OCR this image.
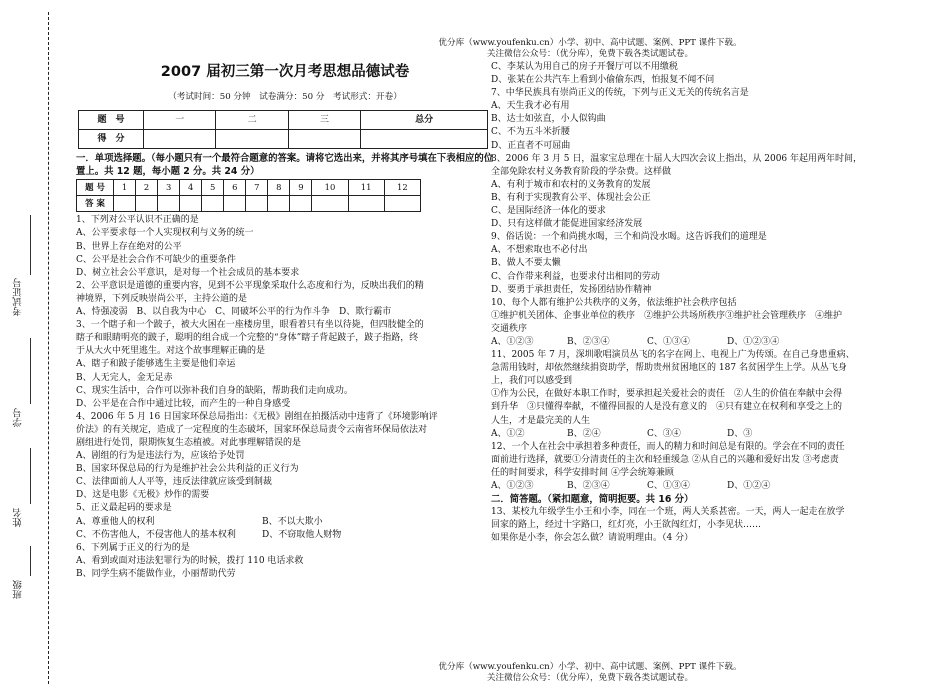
优分库（www.youfenku.cn）小学、初中、高中试题、案例、PPT 课件下载。
关注微信公众号：（优分库），免费下载各类试题试卷。
优分库（www.youfenku.cn）小学、初中、高中试题、案例、PPT 课件下载。
关注微信公众号：（优分库），免费下载各类试题试卷。
考试证号
学号
姓名
班级
2007 届初三第一次月考思想品德试卷
（考试时间：50 分钟　试卷满分：50 分　考试形式：开卷）
题　号	一	二	三	总分
得　分				
一．单项选择题。（每小题只有一个最符合题意的答案。请将它选出来，并将其序号填在下表相应的位置上。共 12 题，每小题 2 分。共 24 分）
题 号	1	2	3	4	5	6	7	8	9	10	11	12
答 案												

1、下列对公平认识不正确的是

A、公平要求每一个人实现权利与义务的统一

B、世界上存在绝对的公平

C、公平是社会合作不可缺少的重要条件

D、树立社会公平意识，是对每一个社会成员的基本要求

2、公平意识是道德的重要内容，见到不公平现象采取什么态度和行为，反映出我们的精

神境界，下列反映崇尚公平，主持公道的是

A、恃强凌弱　B、以自我为中心　C、同破坏公平的行为作斗争　D、欺行霸市

3、一个瞎子和一个跛子，被大火困在一座楼房里，眼看着只有坐以待毙，但四肢健全的

瞎子和眼睛明亮的跛子，聪明的组合成一个完整的“身体”瞎子背起跛子，跛子指路，终

于从大火中死里逃生。对这个故事理解正确的是

A、瞎子和跛子能够逃生主要是他们幸运

B、人无完人，金无足赤

C、现实生活中，合作可以弥补我们自身的缺陷，帮助我们走向成功。

D、公平是在合作中通过比较，而产生的一种自身感受

4、2006 年 5 月 16 日国家环保总局指出：《无极》剧组在拍摄活动中违背了《环境影响评

价法》的有关规定，造成了一定程度的生态破坏，国家环保总局责令云南省环保局依法对

剧组进行处罚，限期恢复生态植被。对此事理解错误的是

A、剧组的行为是违法行为，应该给予处罚

B、国家环保总局的行为是维护社会公共利益的正义行为

C、法律面前人人平等，违反法律就应该受到制裁

D、这是电影《无极》炒作的需要

5、正义最起码的要求是

A、尊重他人的权利	B、不以大欺小

C、不伤害他人，不侵害他人的基本权利	D、不窃取他人财物

6、下列属于正义的行为的是

A、看到或面对违法犯罪行为的时候，拨打 110 电话求救

B、同学生病不能做作业，小丽帮助代劳

C、李某认为用自己的房子开餐厅可以不用缴税

D、张某在公共汽车上看到小偷偷东西，怕报复不闻不问

7、中华民族具有崇尚正义的传统，下列与正义无关的传统名言是

A、天生我才必有用

B、达士如弦直，小人似钩曲

C、不为五斗米折腰

D、正直者不可屈曲

8、2006 年 3 月 5 日，温家宝总理在十届人大四次会议上指出，从 2006 年起用两年时间，

全部免除农村义务教育阶段的学杂费。这样做

A、有利于城市和农村的义务教育的发展

B、有利于实现教育公平、体现社会公正

C、是国际经济一体化的要求

D、只有这样做才能促进国家经济发展

9、俗话说：一个和尚挑水喝，三个和尚没水喝。这告诉我们的道理是

A、不想索取也不必付出

B、做人不要太懒

C、合作带来利益，也要求付出相同的劳动

D、要勇于承担责任，发扬团结协作精神

10、每个人都有维护公共秩序的义务，依法维护社会秩序包括

①维护机关团体、企事业单位的秩序　②维护公共场所秩序③维护社会管理秩序　④维护

交通秩序

A、①②③	B、②③④	C、①③④	D、①②③④

11、2005 年 7 月，深圳歌唱演员丛飞的名字在网上、电视上广为传颂。在自己身患重病、

急需用钱时，却依然继续捐资助学，帮助贵州贫困地区的 187 名贫困学生上学。从丛飞身

上，我们可以感受到

①作为公民，在做好本职工作时，要承担起关爱社会的责任　②人生的价值在奉献中会得

到升华　③只懂得奉献，不懂得回报的人是没有意义的　④只有建立在权利和享受之上的

人生，才是最完美的人生

A、①②	B、②④	C、③④	D、③

12、一个人在社会中承担着多种责任，而人的精力和时间总是有限的。学会在不同的责任

面前进行选择，就要①分清责任的主次和轻重缓急 ②从自己的兴趣和爱好出发 ③考虑责

任的时间要求，科学安排时间 ④学会统筹兼顾

A、①②③	B、②③④	C、①③④	D、①②④

二．简答题。（紧扣题意，简明扼要。共 16 分）

13、某校九年级学生小王和小李，同在一个班，两人关系甚密。一天，两人一起走在放学

回家的路上，经过十字路口，红灯亮，小王欲闯红灯，小李见状……

如果你是小李，你会怎么做？请说明理由。（4 分）
